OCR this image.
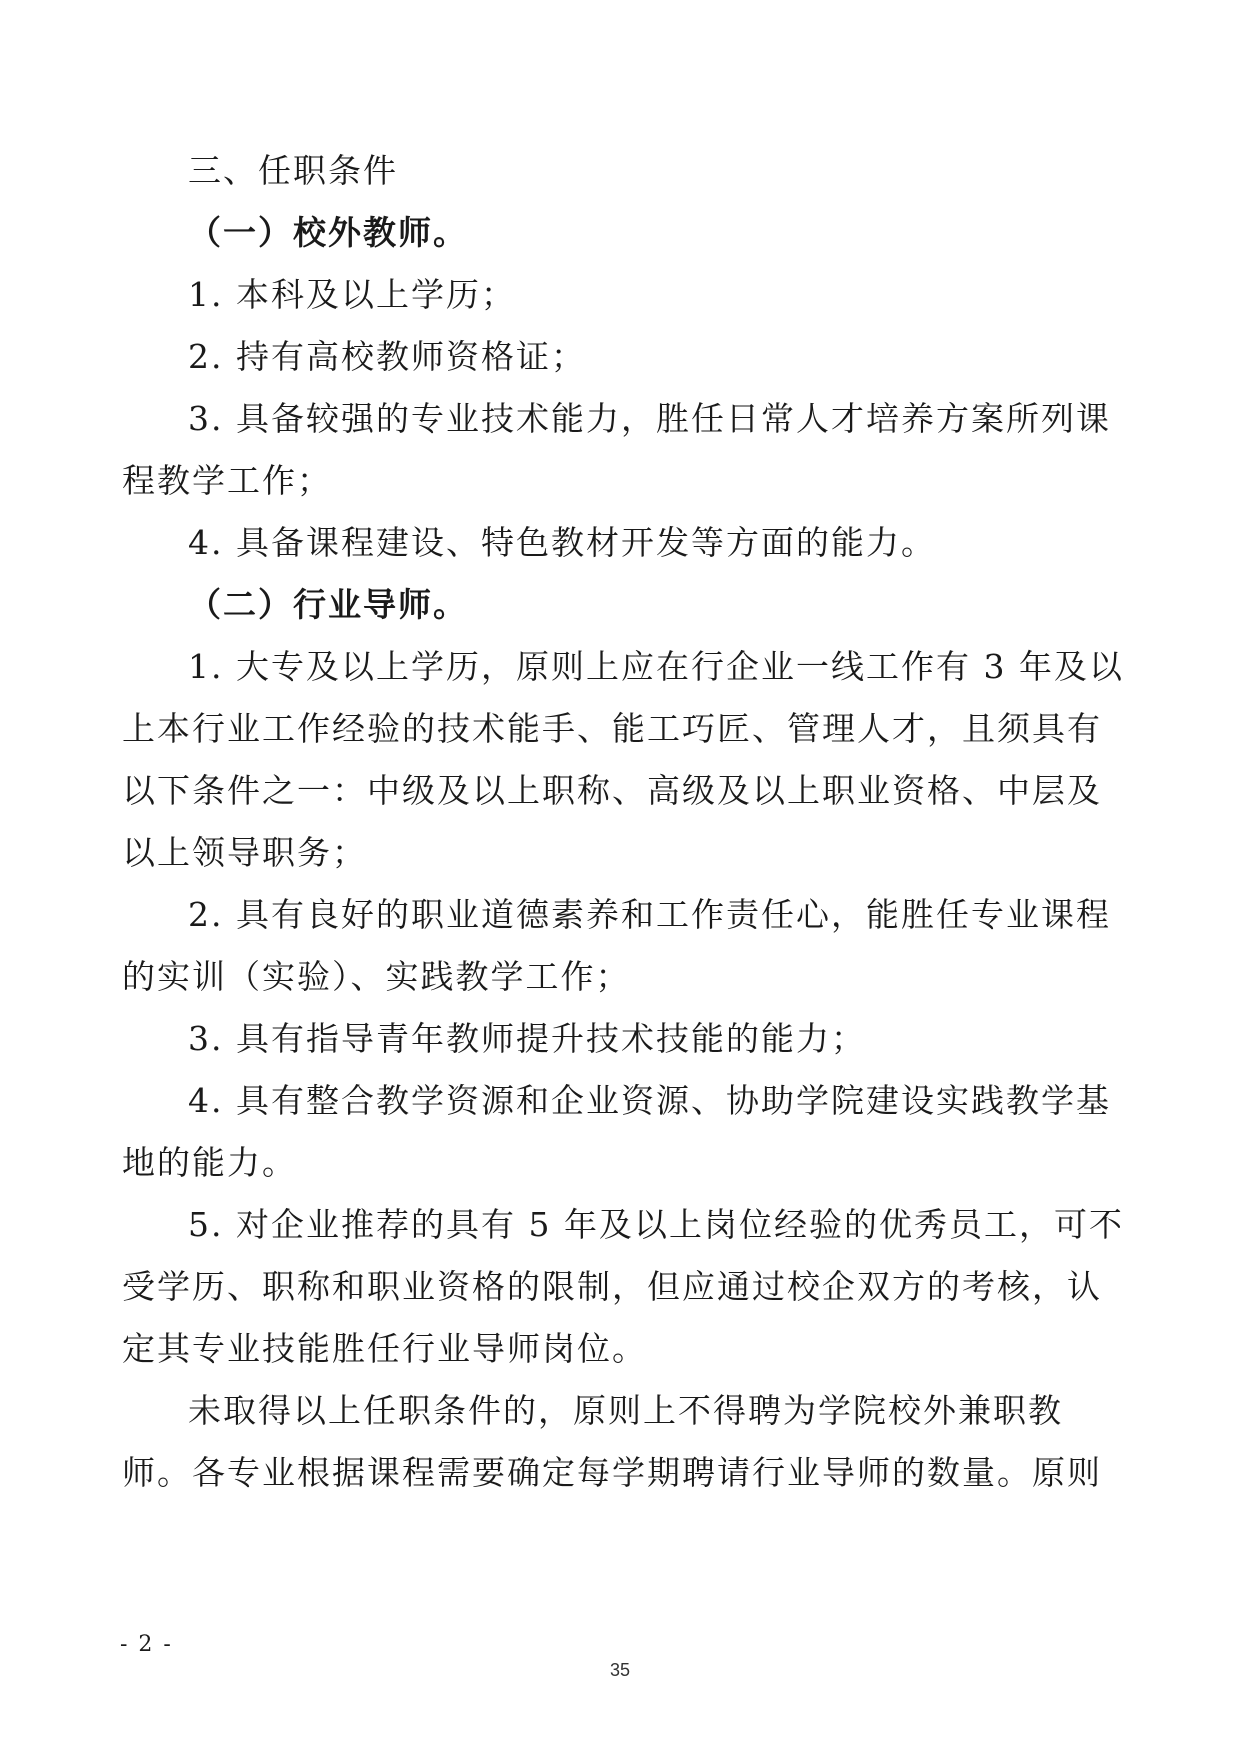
三、任职条件
（一）校外教师。
1. 本科及以上学历；
2. 持有高校教师资格证；
3. 具备较强的专业技术能力，胜任日常人才培养方案所列课
程教学工作；
4. 具备课程建设、特色教材开发等方面的能力。
（二）行业导师。
1. 大专及以上学历，原则上应在行企业一线工作有 3 年及以
上本行业工作经验的技术能手、能工巧匠、管理人才，且须具有
以下条件之一：中级及以上职称、高级及以上职业资格、中层及
以上领导职务；
2. 具有良好的职业道德素养和工作责任心，能胜任专业课程
的实训（实验）、实践教学工作；
3. 具有指导青年教师提升技术技能的能力；
4. 具有整合教学资源和企业资源、协助学院建设实践教学基
地的能力。
5. 对企业推荐的具有 5 年及以上岗位经验的优秀员工，可不
受学历、职称和职业资格的限制，但应通过校企双方的考核，认
定其专业技能胜任行业导师岗位。
未取得以上任职条件的，原则上不得聘为学院校外兼职教
师。各专业根据课程需要确定每学期聘请行业导师的数量。原则
- 2 -
35
